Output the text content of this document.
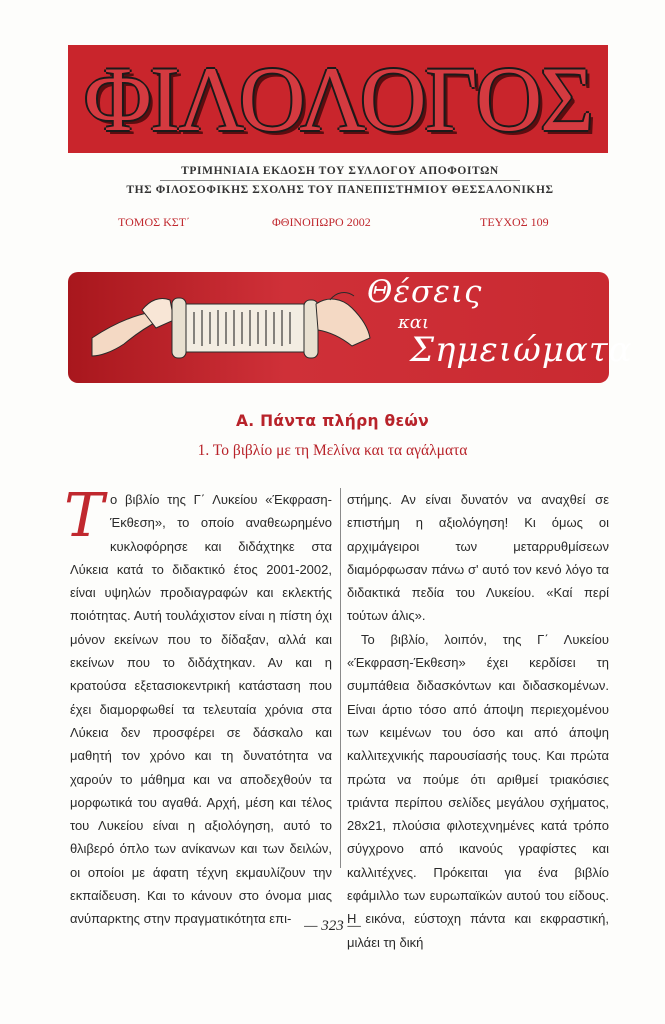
ΦΙΛΟΛΟΓΟΣ
ΤΡΙΜΗΝΙΑΙΑ ΕΚΔΟΣΗ ΤΟΥ ΣΥΛΛΟΓΟΥ ΑΠΟΦΟΙΤΩΝ
ΤΗΣ ΦΙΛΟΣΟΦΙΚΗΣ ΣΧΟΛΗΣ ΤΟΥ ΠΑΝΕΠΙΣΤΗΜΙΟΥ ΘΕΣΣΑΛΟΝΙΚΗΣ
ΤΟΜΟΣ ΚΣΤ΄	ΦΘΙΝΟΠΩΡΟ 2002	ΤΕΥΧΟΣ 109
Θέσεις
και
Σημειώματα
Α. Πάντα πλήρη θεών
1. Το βιβλίο με τη Μελίνα και τα αγάλματα

Το βιβλίο της Γ΄ Λυκείου «Έκφραση-Έκθεση», το οποίο αναθεωρημένο κυκλοφόρησε και διδάχτηκε στα Λύκεια κατά το διδακτικό έτος 2001-2002, είναι υψηλών προδιαγραφών και εκλεκτής ποιότητας. Αυτή τουλάχιστον είναι η πίστη όχι μόνον εκείνων που το δίδαξαν, αλλά και εκείνων που το διδάχτηκαν. Αν και η κρατούσα εξετασιοκεντρική κατάσταση που έχει διαμορφωθεί τα τελευταία χρόνια στα Λύκεια δεν προσφέρει σε δάσκαλο και μαθητή τον χρόνο και τη δυνατότητα να χαρούν το μάθημα και να αποδεχθούν τα μορφωτικά του αγαθά. Αρχή, μέση και τέλος του Λυκείου είναι η αξιολόγηση, αυτό το θλιβερό όπλο των ανίκανων και των δειλών, οι οποίοι με άφατη τέχνη εκμαυλίζουν την εκπαίδευση. Και το κάνουν στο όνομα μιας ανύπαρκτης στην πραγματικότητα επι-

στήμης. Αν είναι δυνατόν να αναχθεί σε επιστήμη η αξιολόγηση! Κι όμως οι αρχιμάγειροι των μεταρρυθμίσεων διαμόρφωσαν πάνω σ' αυτό τον κενό λόγο τα διδακτικά πεδία του Λυκείου. «Καί περί τούτων άλις».

Το βιβλίο, λοιπόν, της Γ΄ Λυκείου «Έκφραση-Έκθεση» έχει κερδίσει τη συμπάθεια διδασκόντων και διδασκομένων. Είναι άρτιο τόσο από άποψη περιεχομένου των κειμένων του όσο και από άποψη καλλιτεχνικής παρουσίασής τους. Και πρώτα πρώτα να πούμε ότι αριθμεί τριακόσιες τριάντα περίπου σελίδες μεγάλου σχήματος, 28x21, πλούσια φιλοτεχνημένες κατά τρόπο σύγχρονο από ικανούς γραφίστες και καλλιτέχνες. Πρόκειται για ένα βιβλίο εφάμιλλο των ευρωπαϊκών αυτού του είδους. Η εικόνα, εύστοχη πάντα και εκφραστική, μιλάει τη δική

— 323 —
